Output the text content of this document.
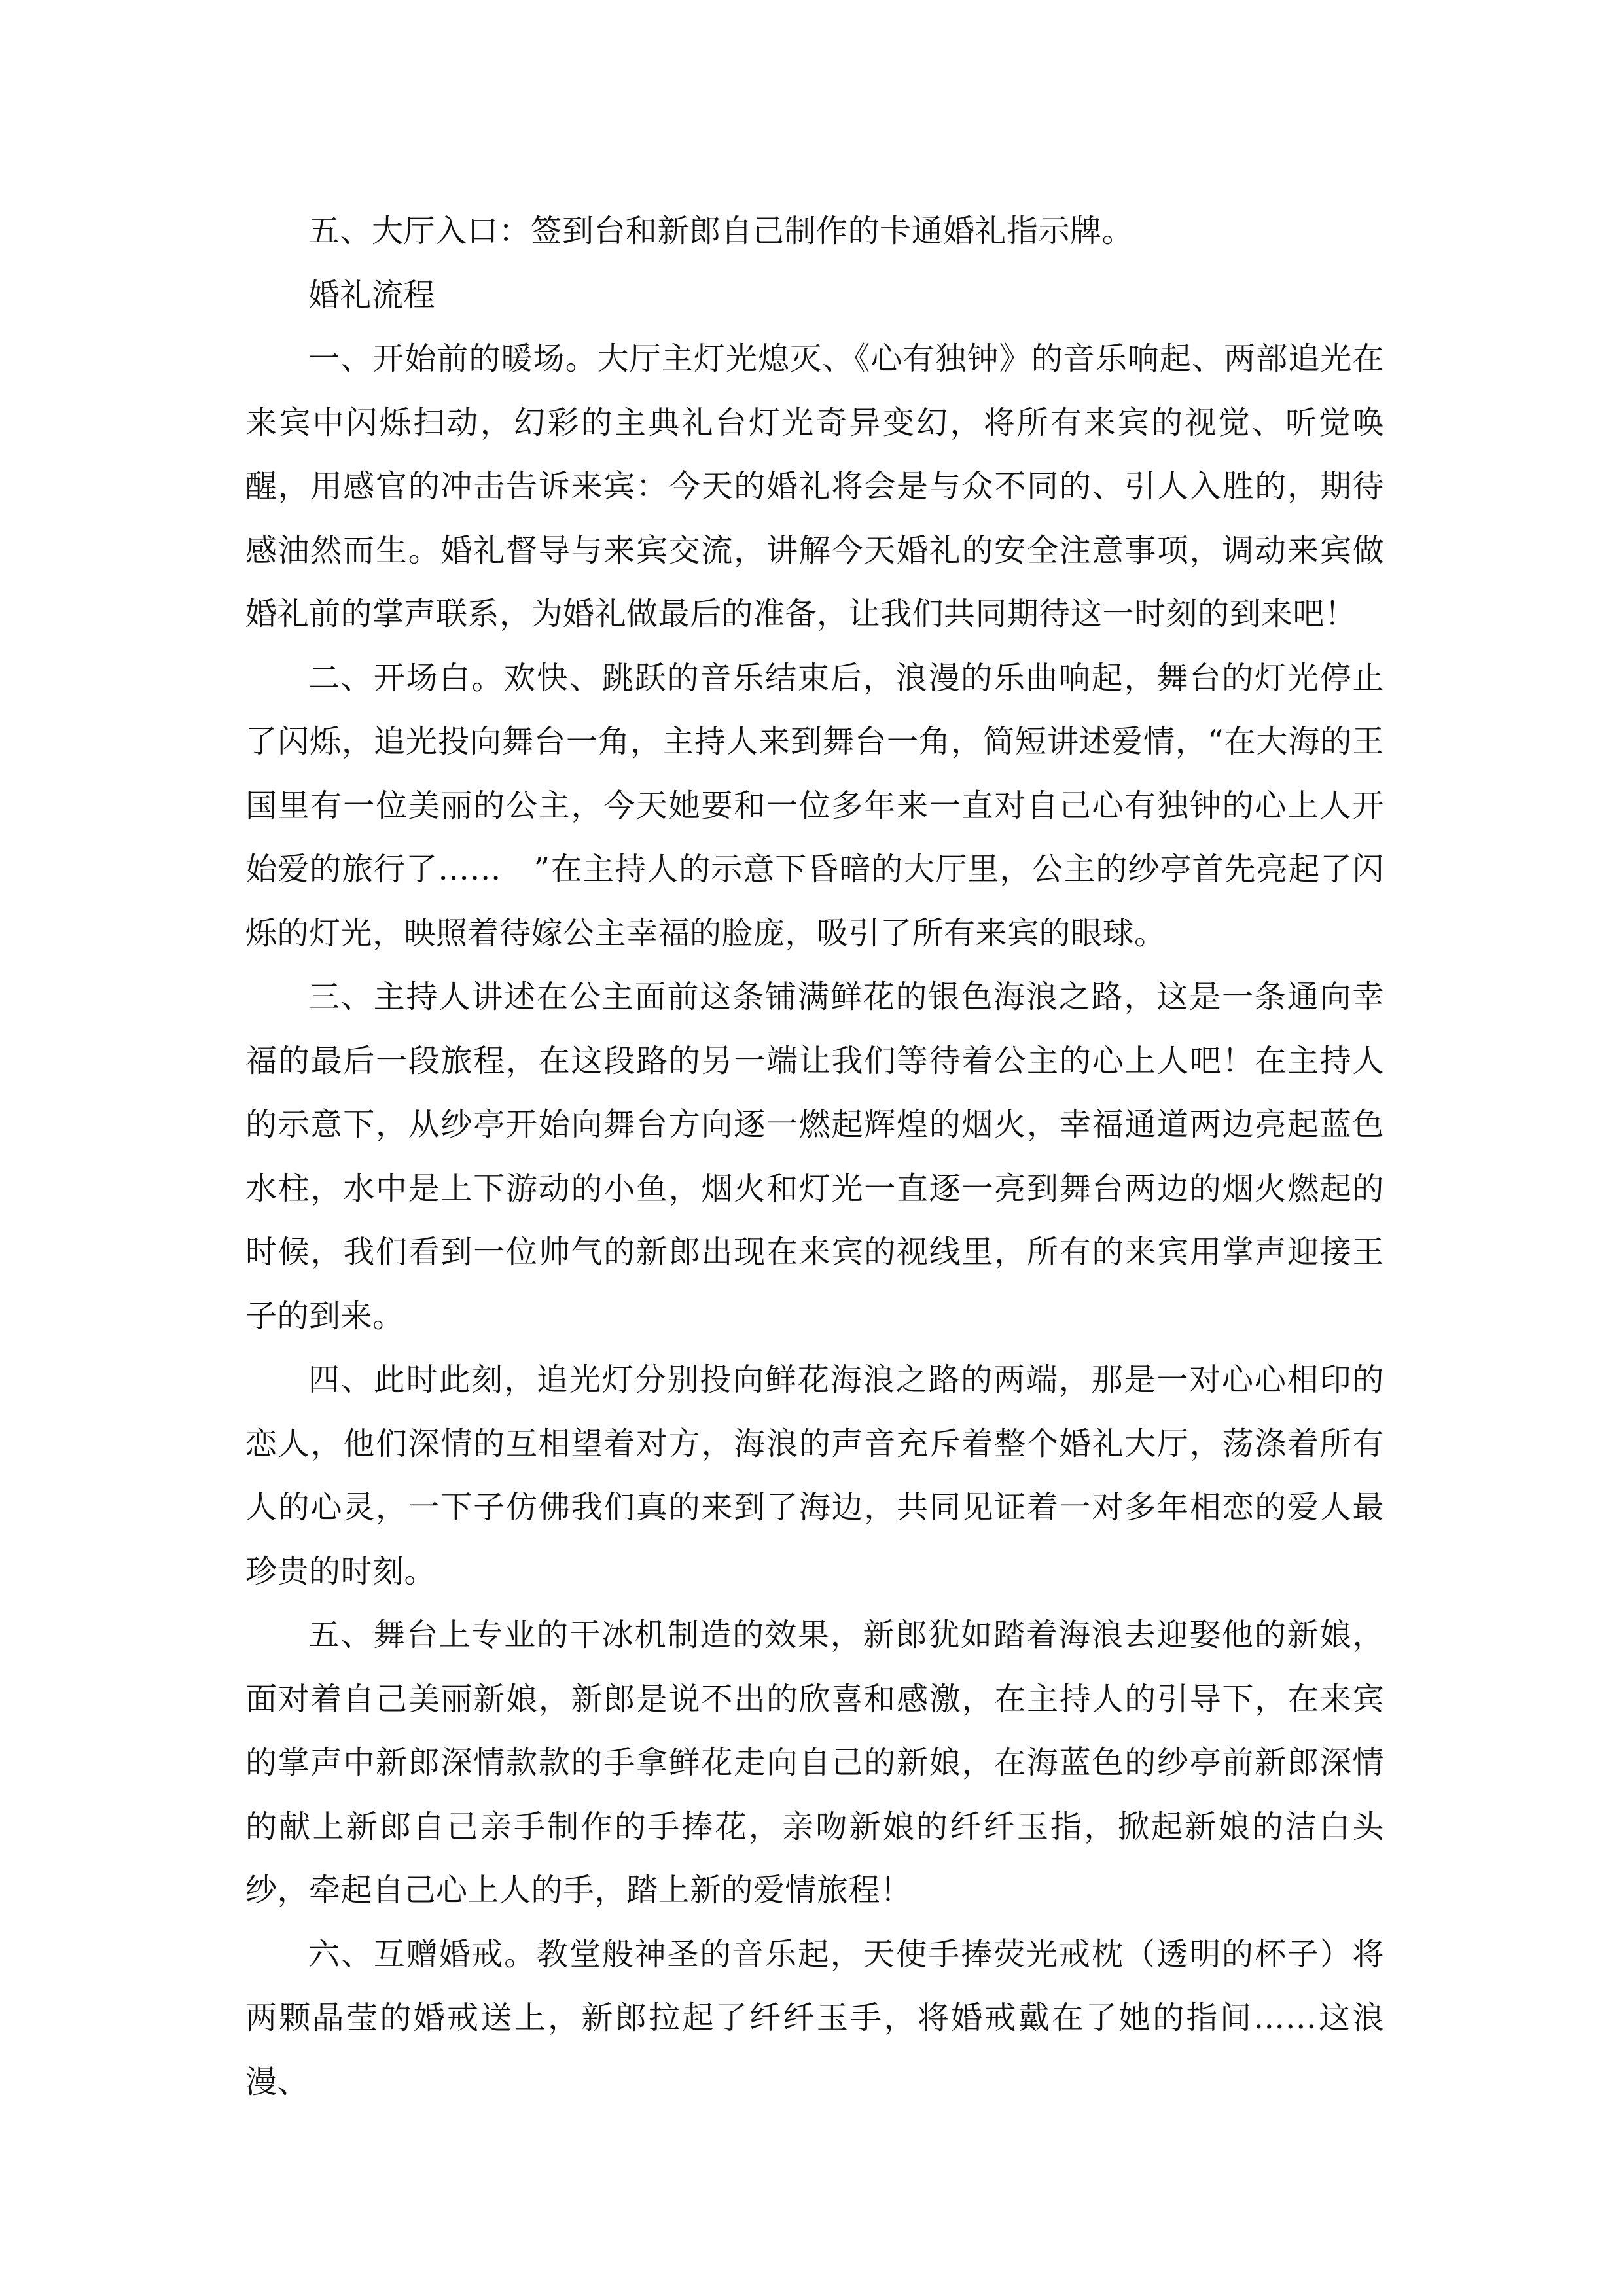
五、大厅入口：签到台和新郎自己制作的卡通婚礼指示牌。

婚礼流程

一、开始前的暖场。大厅主灯光熄灭、《心有独钟》的音乐响起、两部追光在来宾中闪烁扫动，幻彩的主典礼台灯光奇异变幻，将所有来宾的视觉、听觉唤醒，用感官的冲击告诉来宾：今天的婚礼将会是与众不同的、引人入胜的，期待感油然而生。婚礼督导与来宾交流，讲解今天婚礼的安全注意事项，调动来宾做婚礼前的掌声联系，为婚礼做最后的准备，让我们共同期待这一时刻的到来吧！

二、开场白。欢快、跳跃的音乐结束后，浪漫的乐曲响起，舞台的灯光停止了闪烁，追光投向舞台一角，主持人来到舞台一角，简短讲述爱情，“在大海的王国里有一位美丽的公主，今天她要和一位多年来一直对自己心有独钟的心上人开始爱的旅行了……　”在主持人的示意下昏暗的大厅里，公主的纱亭首先亮起了闪烁的灯光，映照着待嫁公主幸福的脸庞，吸引了所有来宾的眼球。

三、主持人讲述在公主面前这条铺满鲜花的银色海浪之路，这是一条通向幸福的最后一段旅程，在这段路的另一端让我们等待着公主的心上人吧！在主持人的示意下，从纱亭开始向舞台方向逐一燃起辉煌的烟火，幸福通道两边亮起蓝色水柱，水中是上下游动的小鱼，烟火和灯光一直逐一亮到舞台两边的烟火燃起的时候，我们看到一位帅气的新郎出现在来宾的视线里，所有的来宾用掌声迎接王子的到来。

四、此时此刻，追光灯分别投向鲜花海浪之路的两端，那是一对心心相印的恋人，他们深情的互相望着对方，海浪的声音充斥着整个婚礼大厅，荡涤着所有人的心灵，一下子仿佛我们真的来到了海边，共同见证着一对多年相恋的爱人最珍贵的时刻。

五、舞台上专业的干冰机制造的效果，新郎犹如踏着海浪去迎娶他的新娘，面对着自己美丽新娘，新郎是说不出的欣喜和感激，在主持人的引导下，在来宾的掌声中新郎深情款款的手拿鲜花走向自己的新娘，在海蓝色的纱亭前新郎深情的献上新郎自己亲手制作的手捧花，亲吻新娘的纤纤玉指，掀起新娘的洁白头纱，牵起自己心上人的手，踏上新的爱情旅程！

六、互赠婚戒。教堂般神圣的音乐起，天使手捧荧光戒枕（透明的杯子）将两颗晶莹的婚戒送上，新郎拉起了纤纤玉手，将婚戒戴在了她的指间……这浪漫、
